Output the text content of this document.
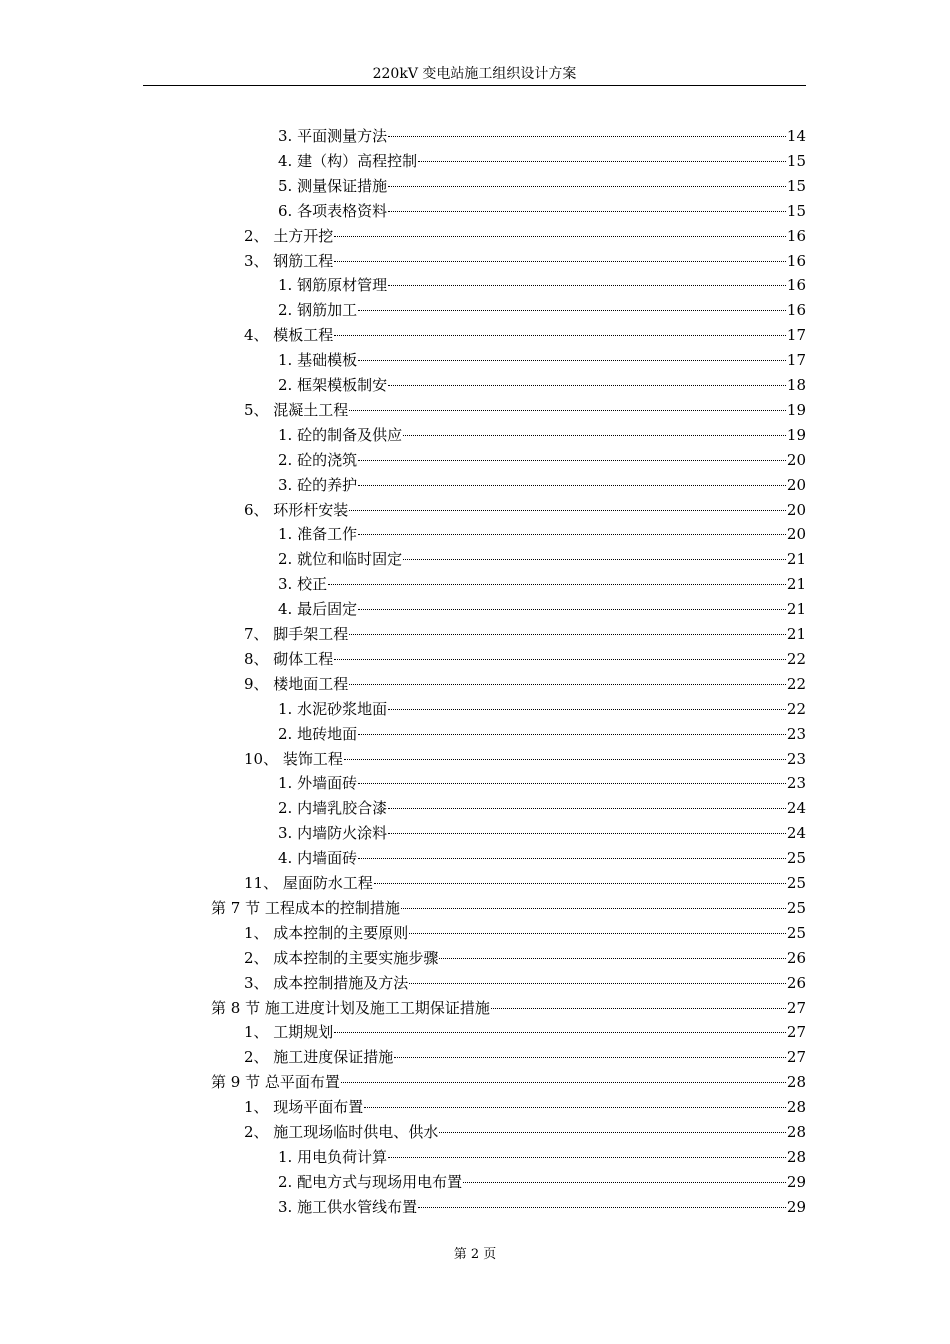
220kV 变电站施工组织设计方案
3. 平面测量方法	14
4. 建（构）高程控制	15
5. 测量保证措施	15
6. 各项表格资料	15
2、 土方开挖	16
3、 钢筋工程	16
1. 钢筋原材管理	16
2. 钢筋加工	16
4、 模板工程	17
1. 基础模板	17
2. 框架模板制安	18
5、 混凝土工程	19
1. 砼的制备及供应	19
2. 砼的浇筑	20
3. 砼的养护	20
6、 环形杆安装	20
1. 准备工作	20
2. 就位和临时固定	21
3. 校正	21
4. 最后固定	21
7、 脚手架工程	21
8、 砌体工程	22
9、 楼地面工程	22
1. 水泥砂浆地面	22
2. 地砖地面	23
10、 装饰工程	23
1. 外墙面砖	23
2. 内墙乳胶合漆	24
3. 内墙防火涂料	24
4. 内墙面砖	25
11、 屋面防水工程	25
第 7 节 工程成本的控制措施	25
1、 成本控制的主要原则	25
2、 成本控制的主要实施步骤	26
3、 成本控制措施及方法	26
第 8 节 施工进度计划及施工工期保证措施	27
1、 工期规划	27
2、 施工进度保证措施	27
第 9 节 总平面布置	28
1、 现场平面布置	28
2、 施工现场临时供电、供水	28
1. 用电负荷计算	28
2. 配电方式与现场用电布置	29
3. 施工供水管线布置	29
第 2 页
